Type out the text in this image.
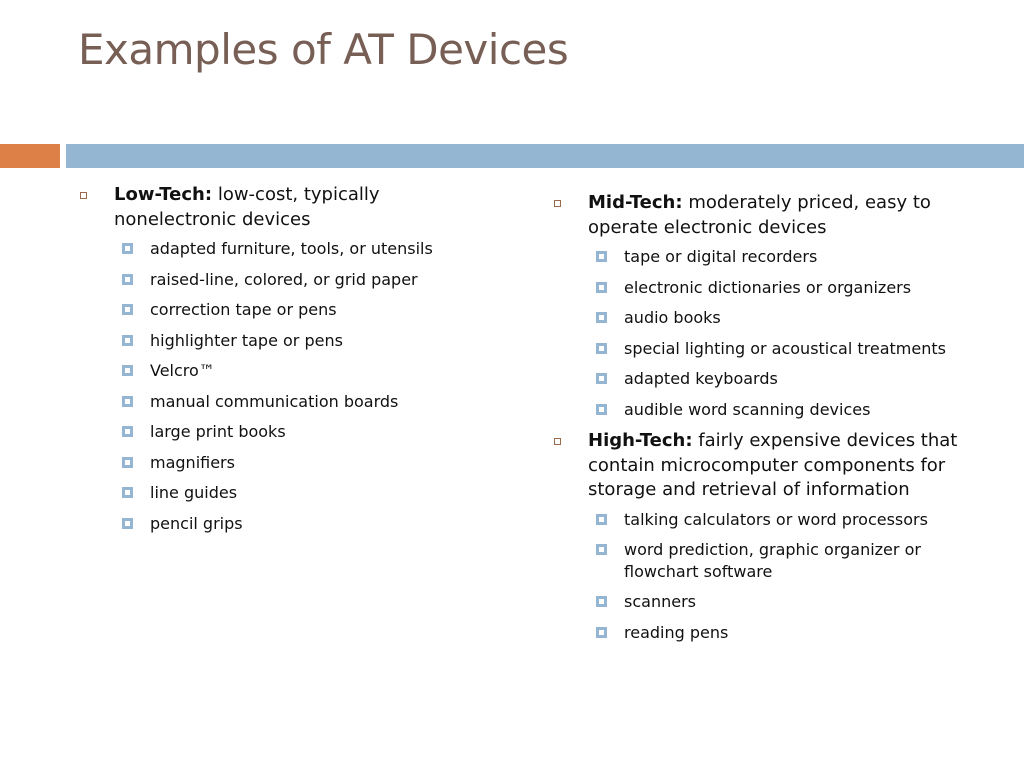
Examples of AT Devices
Low-Tech: low-cost, typically nonelectronic devices
adapted furniture, tools, or utensils
raised-line, colored, or grid paper
correction tape or pens
highlighter tape or pens
Velcro™
manual communication boards
large print books
magnifiers
line guides
pencil grips
Mid-Tech: moderately priced, easy to operate electronic devices
tape or digital recorders
electronic dictionaries or organizers
audio books
special lighting or acoustical treatments
adapted keyboards
audible word scanning devices
High-Tech: fairly expensive devices that contain microcomputer components for storage and retrieval of information
talking calculators or word processors
word prediction, graphic organizer or flowchart software
scanners
reading pens
